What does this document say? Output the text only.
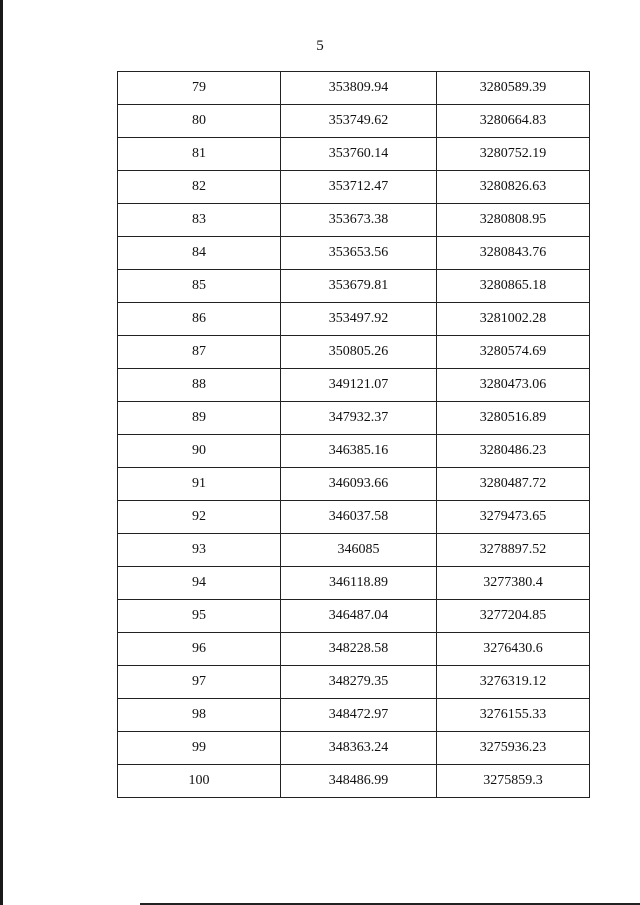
5
79	353809.94	3280589.39
80	353749.62	3280664.83
81	353760.14	3280752.19
82	353712.47	3280826.63
83	353673.38	3280808.95
84	353653.56	3280843.76
85	353679.81	3280865.18
86	353497.92	3281002.28
87	350805.26	3280574.69
88	349121.07	3280473.06
89	347932.37	3280516.89
90	346385.16	3280486.23
91	346093.66	3280487.72
92	346037.58	3279473.65
93	346085	3278897.52
94	346118.89	3277380.4
95	346487.04	3277204.85
96	348228.58	3276430.6
97	348279.35	3276319.12
98	348472.97	3276155.33
99	348363.24	3275936.23
100	348486.99	3275859.3
